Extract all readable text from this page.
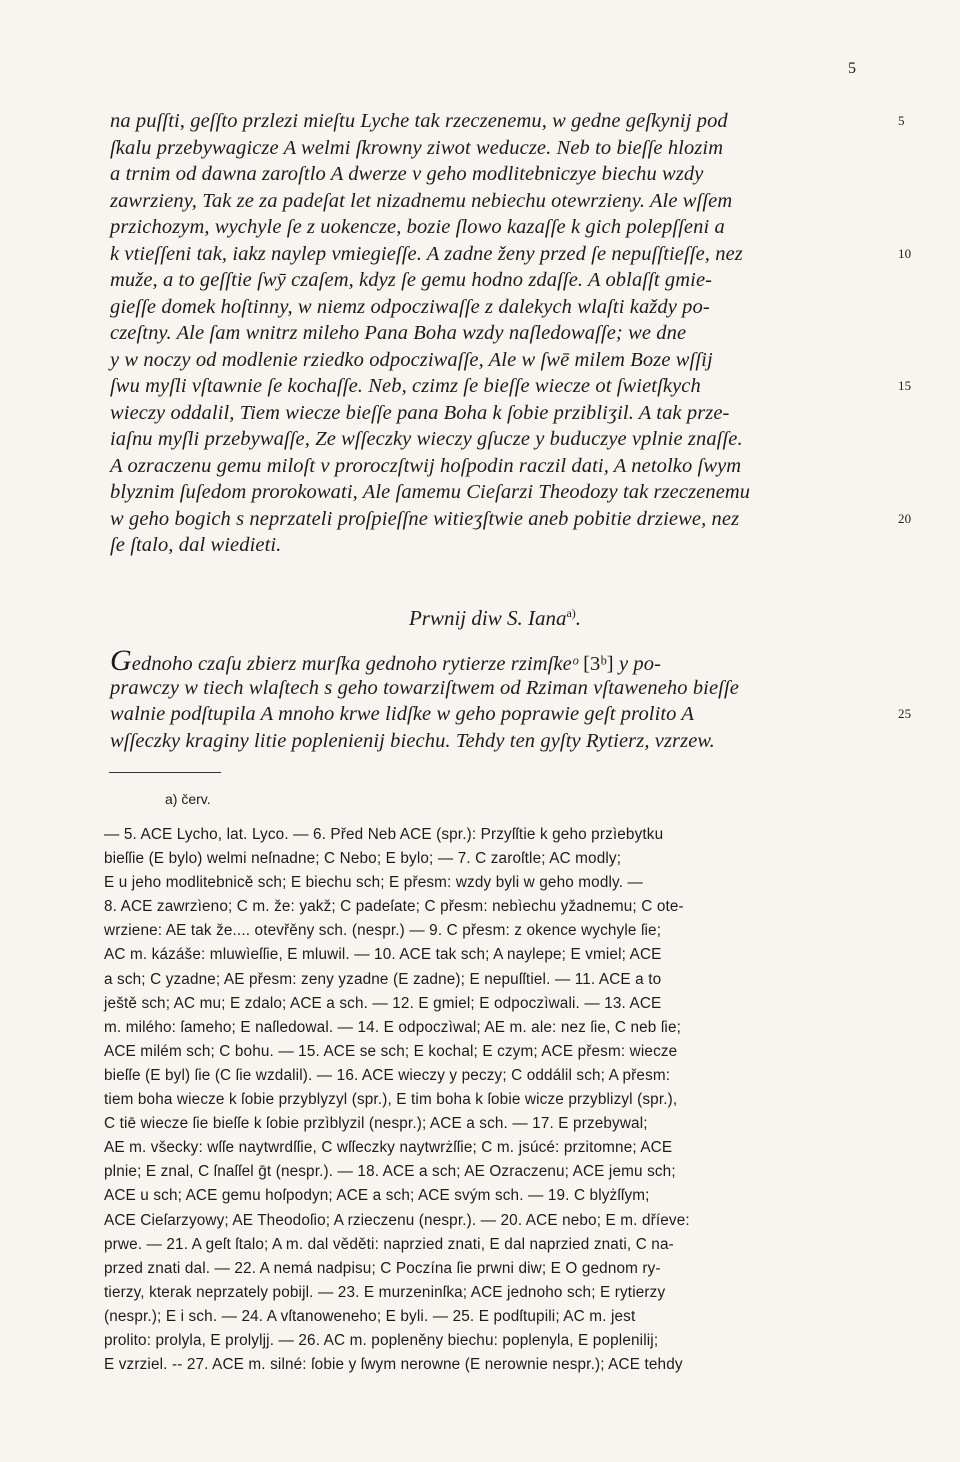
5
na puſſti, geſſto przlezi mieſtu Lyche tak rzeczenemu, w gedne geſkynij pod	5
ſkalu przebywagicze A welmi ſkrowny ziwot weducze. Neb to bieſſe hlozim
a trnim od dawna zaroſtlo A dwerze v geho modlitebniczye biechu wzdy
zawrzieny, Tak ze za padeſat let nizadnemu nebiechu otewrzieny. Ale wſſem
przichozym, wychyle ſe z uokencze, bozie ſlowo kazaſſe k gich polepſſeni a
k vtieſſeni tak, iakz naylep vmiegieſſe. A zadne ženy przed ſe nepuſſtieſſe, nez	10
muže, a to geſſtie ſwȳ czaſem, kdyz ſe gemu hodno zdaſſe. A oblaſſt gmie-
gieſſe domek hoſtinny, w niemz odpocziwaſſe z dalekych wlaſti každy po-
czeſtny. Ale ſam wnitrz mileho Pana Boha wzdy naſledowaſſe; we dne
y w noczy od modlenie rziedko odpocziwaſſe, Ale w ſwē milem Boze wſſij
ſwu myſli vſtawnie ſe kochaſſe. Neb, czimz ſe bieſſe wiecze ot ſwietſkych	15
wieczy oddalil, Tiem wiecze bieſſe pana Boha k ſobie przibliʒil. A tak prze-
iaſnu myſli przebywaſſe, Ze wſſeczky wieczy gſucze y buduczye vplnie znaſſe.
A ozraczenu gemu miloſt v proroczſtwij hoſpodin raczil dati, A netolko ſwym
blyznim ſuſedom prorokowati, Ale ſamemu Cieſarzi Theodozy tak rzeczenemu
w geho bogich s neprzateli proſpieſſne witieʒſtwie aneb pobitie drziewe, nez	20
ſe ſtalo, dal wiedieti.
Prwnij diw S. Iana$^{a)}$.
Gednoho czaſu zbierz murſka gednoho rytierze rzimſkeᵒ [3ᵇ] y po-
prawczy w tiech wlaſtech s geho towarziſtwem od Rziman vſtaweneho bieſſe
walnie podſtupila A mnoho krwe lidſke w geho poprawie geſt prolito A	25
wſſeczky kraginy litie poplenienij biechu. Tehdy ten gyſty Rytierz, vzrzew.
a) červ.
— 5. ACE Lycho, lat. Lyco. — 6. Před Neb ACE (spr.): Przyſſtie k geho przìebytku
bieſſie (E bylo) welmi neſnadne; C Nebo; E bylo; — 7. C zaroſtle; AC modly;
E u jeho modlitebnicě sch; E biechu sch; E přesm: wzdy byli w geho modly. —
8. ACE zawrzìeno; C m. že: yakž; C padeſate; C přesm: nebìechu yžadnemu; C ote-
wrziene: AE tak že.... otevřěny sch. (nespr.) — 9. C přesm: z okence wychyle ſie;
AC m. kázáše: mluwìeſſie, E mluwil. — 10. ACE tak sch; A naylepe; E vmiel; ACE
a sch; C yzadne; AE přesm: zeny yzadne (E zadne); E nepuſſtiel. — 11. ACE a to
ještě sch; AC mu; E zdalo; ACE a sch. — 12. E gmiel; E odpoczìwali. — 13. ACE
m. milého: ſameho; E naſledowal. — 14. E odpoczìwal; AE m. ale: nez ſie, C neb ſie;
ACE milém sch; C bohu. — 15. ACE se sch; E kochal; E czym; ACE přesm: wiecze
bieſſe (E byl) ſie (C ſie wzdalil). — 16. ACE wieczy y peczy; C oddálil sch; A přesm:
tiem boha wiecze k ſobie przyblyzyl (spr.), E tim boha k ſobie wicze przyblizyl (spr.),
C tiē wiecze ſie bieſſe k ſobie przìblyzil (nespr.); ACE a sch. — 17. E przebywal;
AE m. všecky: wſſe naytwrdſſie, C wſſeczky naytwrżſſie; C m. jsúcé: przitomne; ACE
plnie; E znal, C ſnaſſel ḡt (nespr.). — 18. ACE a sch; AE Ozraczenu; ACE jemu sch;
ACE u sch; ACE gemu hoſpodyn; ACE a sch; ACE svým sch. — 19. C blyżſſym;
ACE Cieſarzyowy; AE Theodoſio; A rzieczenu (nespr.). — 20. ACE nebo; E m. dříeve:
prwe. — 21. A geſt ſtalo; A m. dal věděti: naprzied znati, E dal naprzied znati, C na-
przed znati dal. — 22. A nemá nadpisu; C Poczína ſie prwni diw; E O gednom ry-
tierzy, kterak neprzately pobijl. — 23. E murzeninſka; ACE jednoho sch; E rytierzy
(nespr.); E i sch. — 24. A vſtanoweneho; E byli. — 25. E podſtupili; AC m. jest
prolito: prolyla, E prolyljj. — 26. AC m. popleněny biechu: poplenyla, E poplenilij;
E vzrziel. -- 27. ACE m. silné: ſobie y ſwym nerowne (E nerownie nespr.); ACE tehdy
